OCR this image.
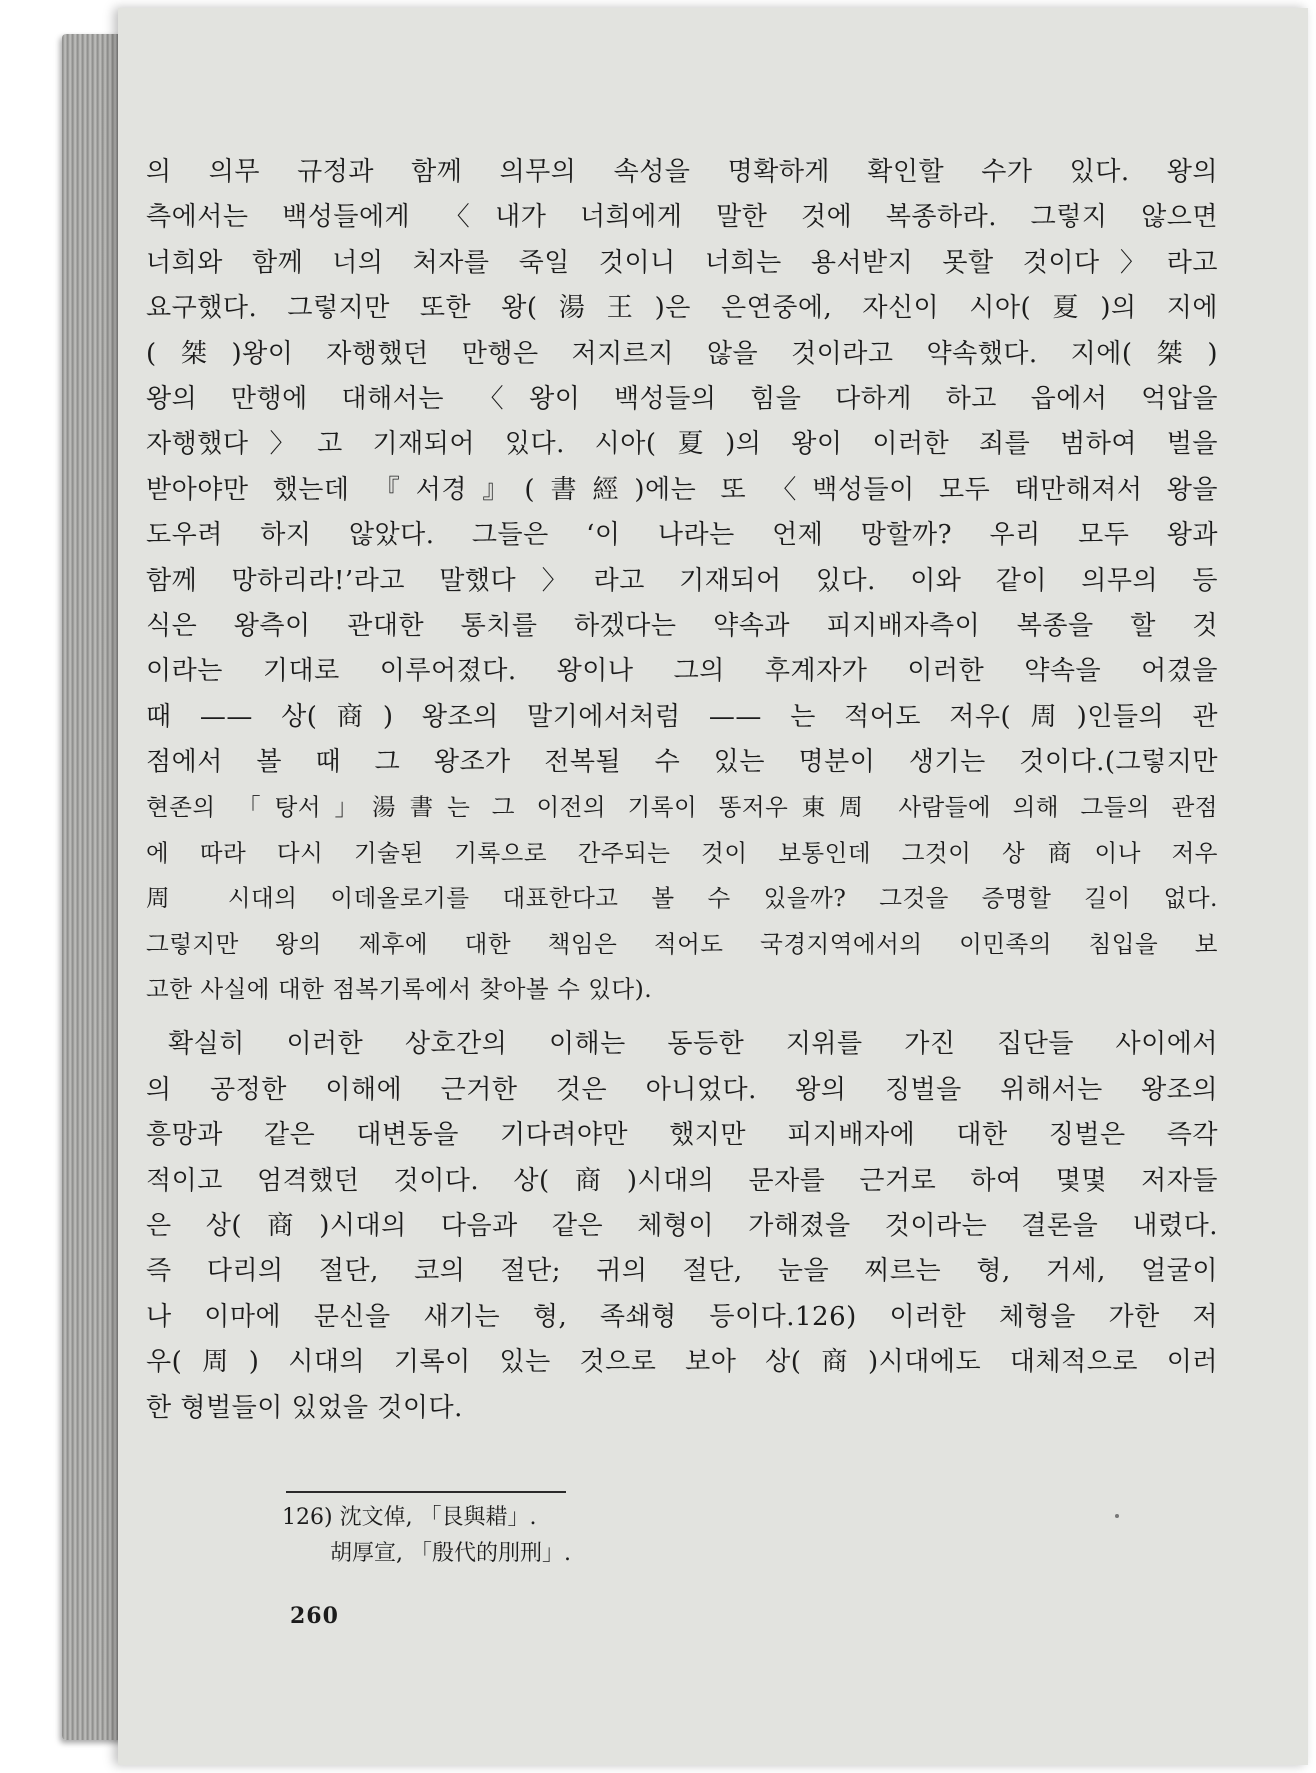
의 의무 규정과 함께 의무의 속성을 명확하게 확인할 수가 있다. 왕의
측에서는 백성들에게 〈내가 너희에게 말한 것에 복종하라. 그렇지 않으면
너희와 함께 너의 처자를 죽일 것이니 너희는 용서받지 못할 것이다〉라고
요구했다. 그렇지만 또한 왕(湯王)은 은연중에, 자신이 시아(夏)의 지에
(桀)왕이 자행했던 만행은 저지르지 않을 것이라고 약속했다. 지에(桀)
왕의 만행에 대해서는 〈왕이 백성들의 힘을 다하게 하고 읍에서 억압을
자행했다〉고 기재되어 있다. 시아(夏)의 왕이 이러한 죄를 범하여 벌을
받아야만 했는데 『서경』(書經)에는 또 〈백성들이 모두 태만해져서 왕을
도우려 하지 않았다. 그들은 ‘이 나라는 언제 망할까? 우리 모두 왕과
함께 망하리라!’라고 말했다〉라고 기재되어 있다. 이와 같이 의무의 등
식은 왕측이 관대한 통치를 하겠다는 약속과 피지배자측이 복종을 할 것
이라는 기대로 이루어졌다. 왕이나 그의 후계자가 이러한 약속을 어겼을
때 —— 상(商) 왕조의 말기에서처럼 —— 는 적어도 저우(周)인들의 관
점에서 볼 때 그 왕조가 전복될 수 있는 명분이 생기는 것이다.(그렇지만
현존의 「탕서」湯書는 그 이전의 기록이 똥저우東周 사람들에 의해 그들의 관점
에 따라 다시 기술된 기록으로 간주되는 것이 보통인데 그것이 상商이나 저우
周 시대의 이데올로기를 대표한다고 볼 수 있을까? 그것을 증명할 길이 없다.
그렇지만 왕의 제후에 대한 책임은 적어도 국경지역에서의 이민족의 침입을 보
고한 사실에 대한 점복기록에서 찾아볼 수 있다).
확실히 이러한 상호간의 이해는 동등한 지위를 가진 집단들 사이에서
의 공정한 이해에 근거한 것은 아니었다. 왕의 징벌을 위해서는 왕조의
흥망과 같은 대변동을 기다려야만 했지만 피지배자에 대한 징벌은 즉각
적이고 엄격했던 것이다. 상(商)시대의 문자를 근거로 하여 몇몇 저자들
은 상(商)시대의 다음과 같은 체형이 가해졌을 것이라는 결론을 내렸다.
즉 다리의 절단, 코의 절단; 귀의 절단, 눈을 찌르는 형, 거세, 얼굴이
나 이마에 문신을 새기는 형, 족쇄형 등이다.126) 이러한 체형을 가한 저
우(周) 시대의 기록이 있는 것으로 보아 상(商)시대에도 대체적으로 이러
한 형벌들이 있었을 것이다.
126) 沈文倬, 「艮與耤」.
胡厚宣, 「殷代的刖刑」.
260
